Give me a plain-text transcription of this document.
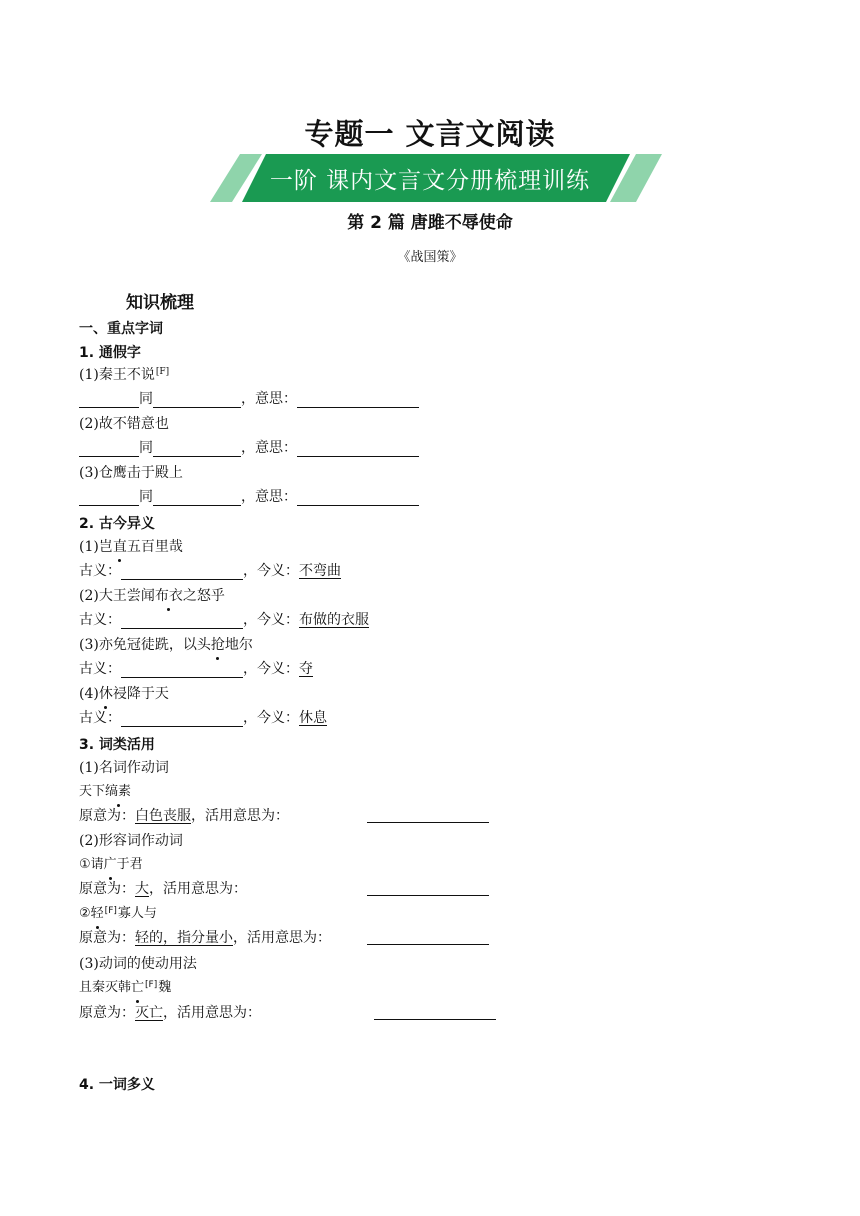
专题一 文言文阅读
一阶 课内文言文分册梳理训练
第 2 篇 唐雎不辱使命
《战国策》
知识梳理
一、重点字词
1. 通假字
(1)秦王不说[F]
同	，意思：
(2)故不错意也
同	，意思：
(3)仓鹰击于殿上
同	，意思：
2. 古今异义
(1)岂直五百里哉
古义：	，今义：不弯曲
(2)大王尝闻布衣之怒乎
古义：	，今义：布做的衣服
(3)亦免冠徒跣，以头抢地尔
古义：	，今义：夺
(4)休祲降于天
古义：	，今义：休息
3. 词类活用
(1)名词作动词
天下缟素
原意为：白色丧服，活用意思为：
(2)形容词作动词
①请广于君
原意为：大，活用意思为：
②轻[F]寡人与
原意为：轻的，指分量小，活用意思为：
(3)动词的使动用法
且秦灭韩亡[F]魏
原意为：灭亡，活用意思为：
4. 一词多义
